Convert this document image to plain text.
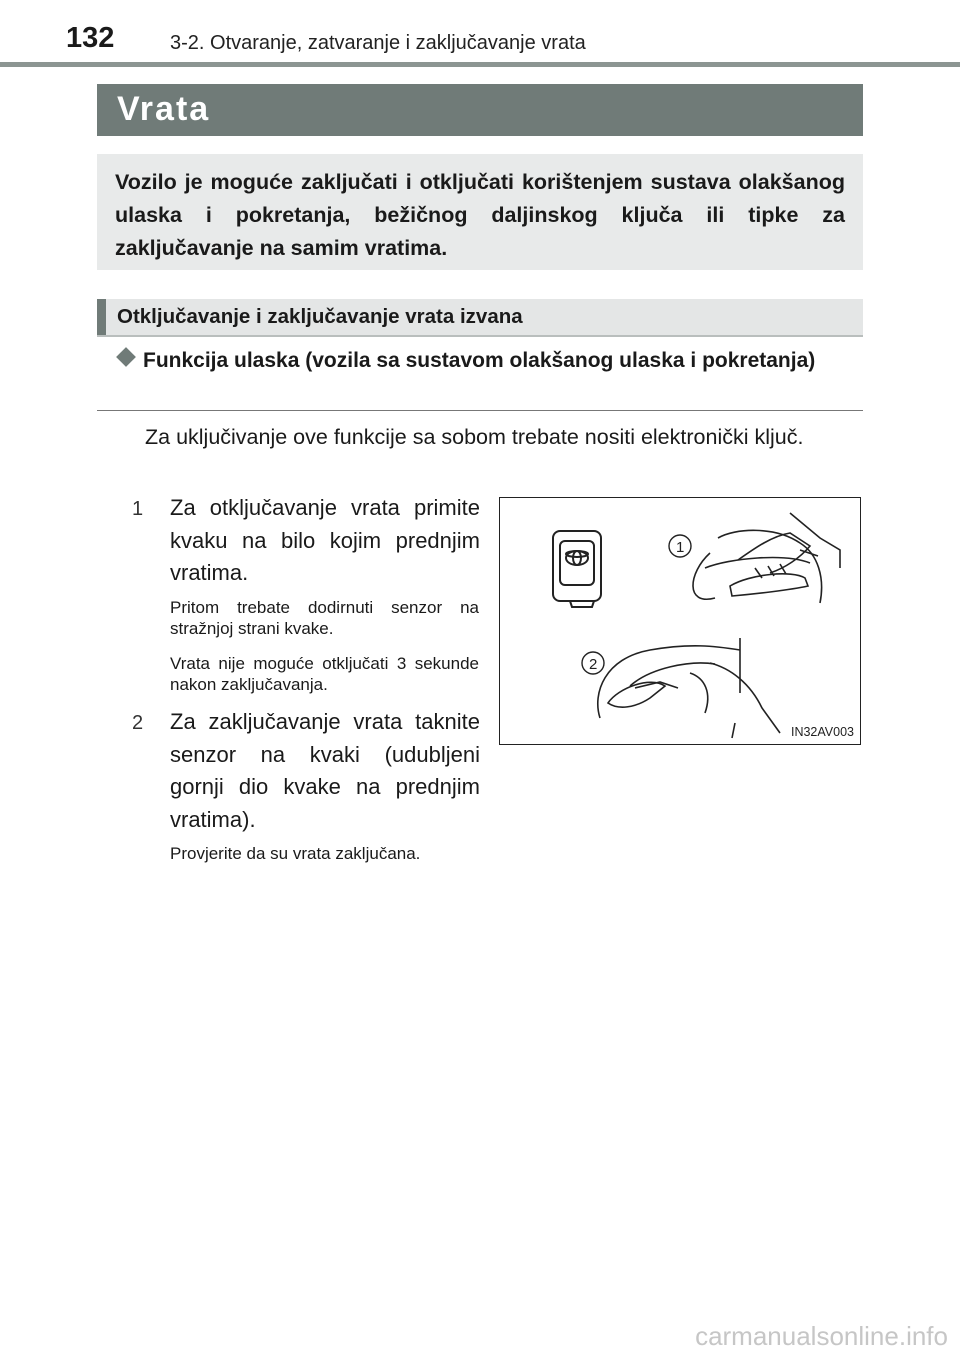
132	3-2. Otvaranje, zatvaranje i zaključavanje vrata
Vrata

Vozilo je moguće zaključati i otključati korištenjem sustava olakšanog ulaska i pokretanja, bežičnog daljinskog ključa ili tipke za zaključavanje na samim vratima.

Otključavanje i zaključavanje vrata izvana
Funkcija ulaska (vozila sa sustavom olakšanog ulaska i pokretanja)

Za uključivanje ove funkcije sa sobom trebate nositi elektronički ključ.

1 Za otključavanje vrata primite kvaku na bilo kojim prednjim vratima.

Pritom trebate dodirnuti senzor na stražnjoj strani kvake.

Vrata nije moguće otključati 3 sekunde nakon zaključavanja.

2 Za zaključavanje vrata taknite senzor na kvaki (udubljeni gornji dio kvake na prednjim vratima).

Provjerite da su vrata zaključana.

1
2
IN32AV003
carmanualsonline.info
